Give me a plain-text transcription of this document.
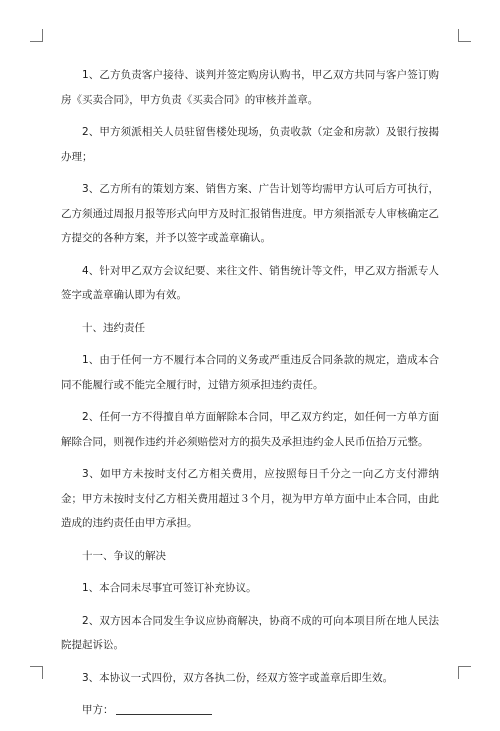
1、乙方负责客户接待、谈判并签定购房认购书，甲乙双方共同与客户签订购房《买卖合同》，甲方负责《买卖合同》的审核并盖章。

2、甲方须派相关人员驻留售楼处现场，负责收款（定金和房款）及银行按揭办理；

3、乙方所有的策划方案、销售方案、广告计划等均需甲方认可后方可执行，乙方须通过周报月报等形式向甲方及时汇报销售进度。甲方须指派专人审核确定乙方提交的各种方案，并予以签字或盖章确认。

4、针对甲乙双方会议纪要、来往文件、销售统计等文件，甲乙双方指派专人签字或盖章确认即为有效。

十、违约责任

1、由于任何一方不履行本合同的义务或严重违反合同条款的规定，造成本合同不能履行或不能完全履行时，过错方须承担违约责任。

2、任何一方不得擅自单方面解除本合同，甲乙双方约定，如任何一方单方面解除合同，则视作违约并必须赔偿对方的损失及承担违约金人民币伍拾万元整。

3、如甲方未按时支付乙方相关费用，应按照每日千分之一向乙方支付滞纳金；甲方未按时支付乙方相关费用超过３个月，视为甲方单方面中止本合同，由此造成的违约责任由甲方承担。

十一、争议的解决

1、本合同未尽事宜可签订补充协议。

2、双方因本合同发生争议应协商解决，协商不成的可向本项目所在地人民法院提起诉讼。

3、本协议一式四份，双方各执二份，经双方签字或盖章后即生效。

甲方：
